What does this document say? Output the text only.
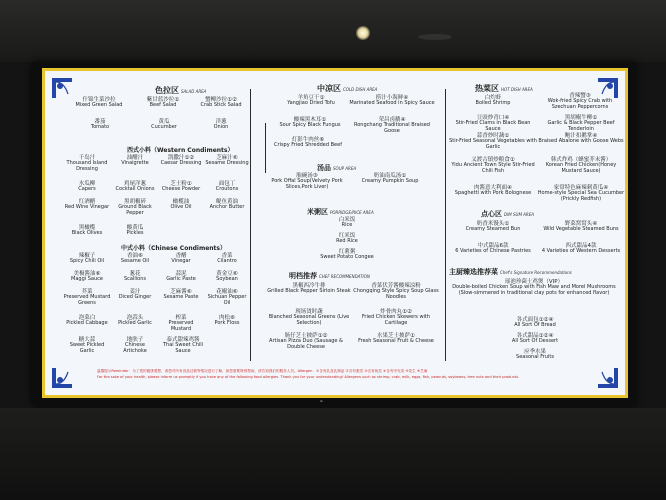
▬
色拉区 SALAD AREA
什锦生菜沙拉
Mixed Green Salad
紫甘蓝沙拉①
Beef Salad
蟹柳沙拉①②
Crab Stick Salad
番茄
Tomato
黄瓜
Cucumber
洋葱
Onion
西式小料（Western Condiments）
千岛汁
Thousand Island Dressing
油醋汁
Vinaigrette
凯撒汁①②
Caesar Dressing
芝麻汁⑥
Sesame Dressing
水瓜柳
Capers
鸡尾洋葱
Cocktail Onions
芝士粉①
Cheese Powder
面包丁
Croutons
红酒醋
Red Wine Vinegar
黑胡椒碎
Ground Black Pepper
橄榄油
Olive Oil
鳀鱼黄油
Anchor Butter
黑橄榄
Black Olives
酸黄瓜
Pickles
中式小料（Chinese Condiments）
辣椒子
Spicy Chili Oil
香油⑥
Sesame Oil
香醋
Vinegar
香菜
Cilantro
美极酱油⑥
Maggi Sauce
葱花
Scallions
蒜泥
Garlic Paste
黄金豆⑥
Soybean
芥菜
Preserved Mustard Greens
姜汁
Diced Ginger
芝麻酱⑥
Sesame Paste
花椒油⑥
Sichuan Pepper Oil
泡菜白
Pickled Cabbage
泡蒜头
Pickled Garlic
榨菜
Preserved Mustard
肉松⑥
Pork Floss
糖大蒜
Sweet Pickled Garlic
地肤子
Chinese Artichoke
泰式甜辣鸡酱
Thai Sweet Chili Sauce
中凉区 COLD DISH AREA
羊角豆干①
Yangjiao Dried Tofu
捞汁小海鲜④
Marinated Seafood in Spicy Sauce
酸辣黑木耳①
Sour Spicy Black Fungus
荣昌卤鹅④
Rongchang Traditional Braised Goose
灯影牛肉丝⑥
Crispy Fried Shredded Beef
汤品 SOUP AREA
胎碗汤③
Pork Offal Soup(Velvety Pork Slices,Pork Liver)
奶油南瓜汤①
Creamy Pumpkin Soup
米粥区 PORRIDGE/RICE AREA
白米饭
Rice
红米饭
Red Rice
红薯粥
Sweet Potato Congee
明档推荐 CHEF RECOMMENDATION
黑椒西冷牛排
Grilled Black Pepper Sirloin Steak
香菜伏芳酱酸辣凉粉
Chongqing Style Spicy Soup Glass Noodles
现场烫时蔬
Blanched Seasonal Greens (Live Selection)
炸骨肉丸①②
Fried Chicken Skewers with Cartilage
肠仔芝士披萨①②
Artisan Pizza Duo (Sausage & Double Cheese
水果芝士披萨①
Fresh Seasonal Fruit & Cheese
热菜区 HOT DISH AREA
白灼虾
Boiled Shrimp
香辣蟹③
Wok-fried Spicy Crab with Szechuan Peppercorns
豆豉炒青口④
Stir-Fried Clams in Black Bean Sauce
黑胡椒牛柳①
Garlic & Black Pepper Beef Tenderloin
蒜香炒时蔬①
Stir-Fried Seasonal Vegetables with Garlic
鲍汁扣鹅掌④
Braised Abalone with Goose Webs
义渡古镇炒粮食①
Yidu Ancient Town Style Stir-Fried Chili Fish
韩式炸鸡（蜂蜜芥末酱）
Korean Fried Chicken(Honey Mustard Sauce)
肉酱意大利面④
Spaghetti with Pork Bolognese
家常特色麻辣刺黄瓜④
Home-style Special Sea Cucumber (Prickly Redfish)
点心区 DIM SUM AREA
奶香米馒头①
Creamy Steamed Bun
野菜窝窝头④
Wild Vegetable Steamed Buns
中式甜品6款
6 Varieties of Chinese Pastries
西式甜品4款
4 Varieties of Western Desserts
主厨臻选推荐菜 Chef's Signature Recommendations
瑶池珍菌土鸡煲（VIP）
Double-boiled Chicken Soup with Fish Maw and Morel Mushrooms (Slow-simmered in traditional clay pots for enhanced flavor)
各式面包①②④
All Sort Of Bread
各式甜品①②④
All Sort Of Dessert
应季水果
Seasonal Fruits
温馨提示Reminder：为了您的健康着想，请您对所有食品过敏等情况进行了解，如您需要特别帮助，请告知我们的服务人员。Allergen：①含有乳及乳制品 ②含有蛋类 ③含有鱼类 ④含有甲壳类 ⑤花生 ⑥芝麻
For the sake of your health, please inform us promptly if you have any of the following food allergies. Thank you for your understanding! Allergens such as shrimp, crab, milk, eggs, fish, peanuts, soybeans, tree nuts and their products.
